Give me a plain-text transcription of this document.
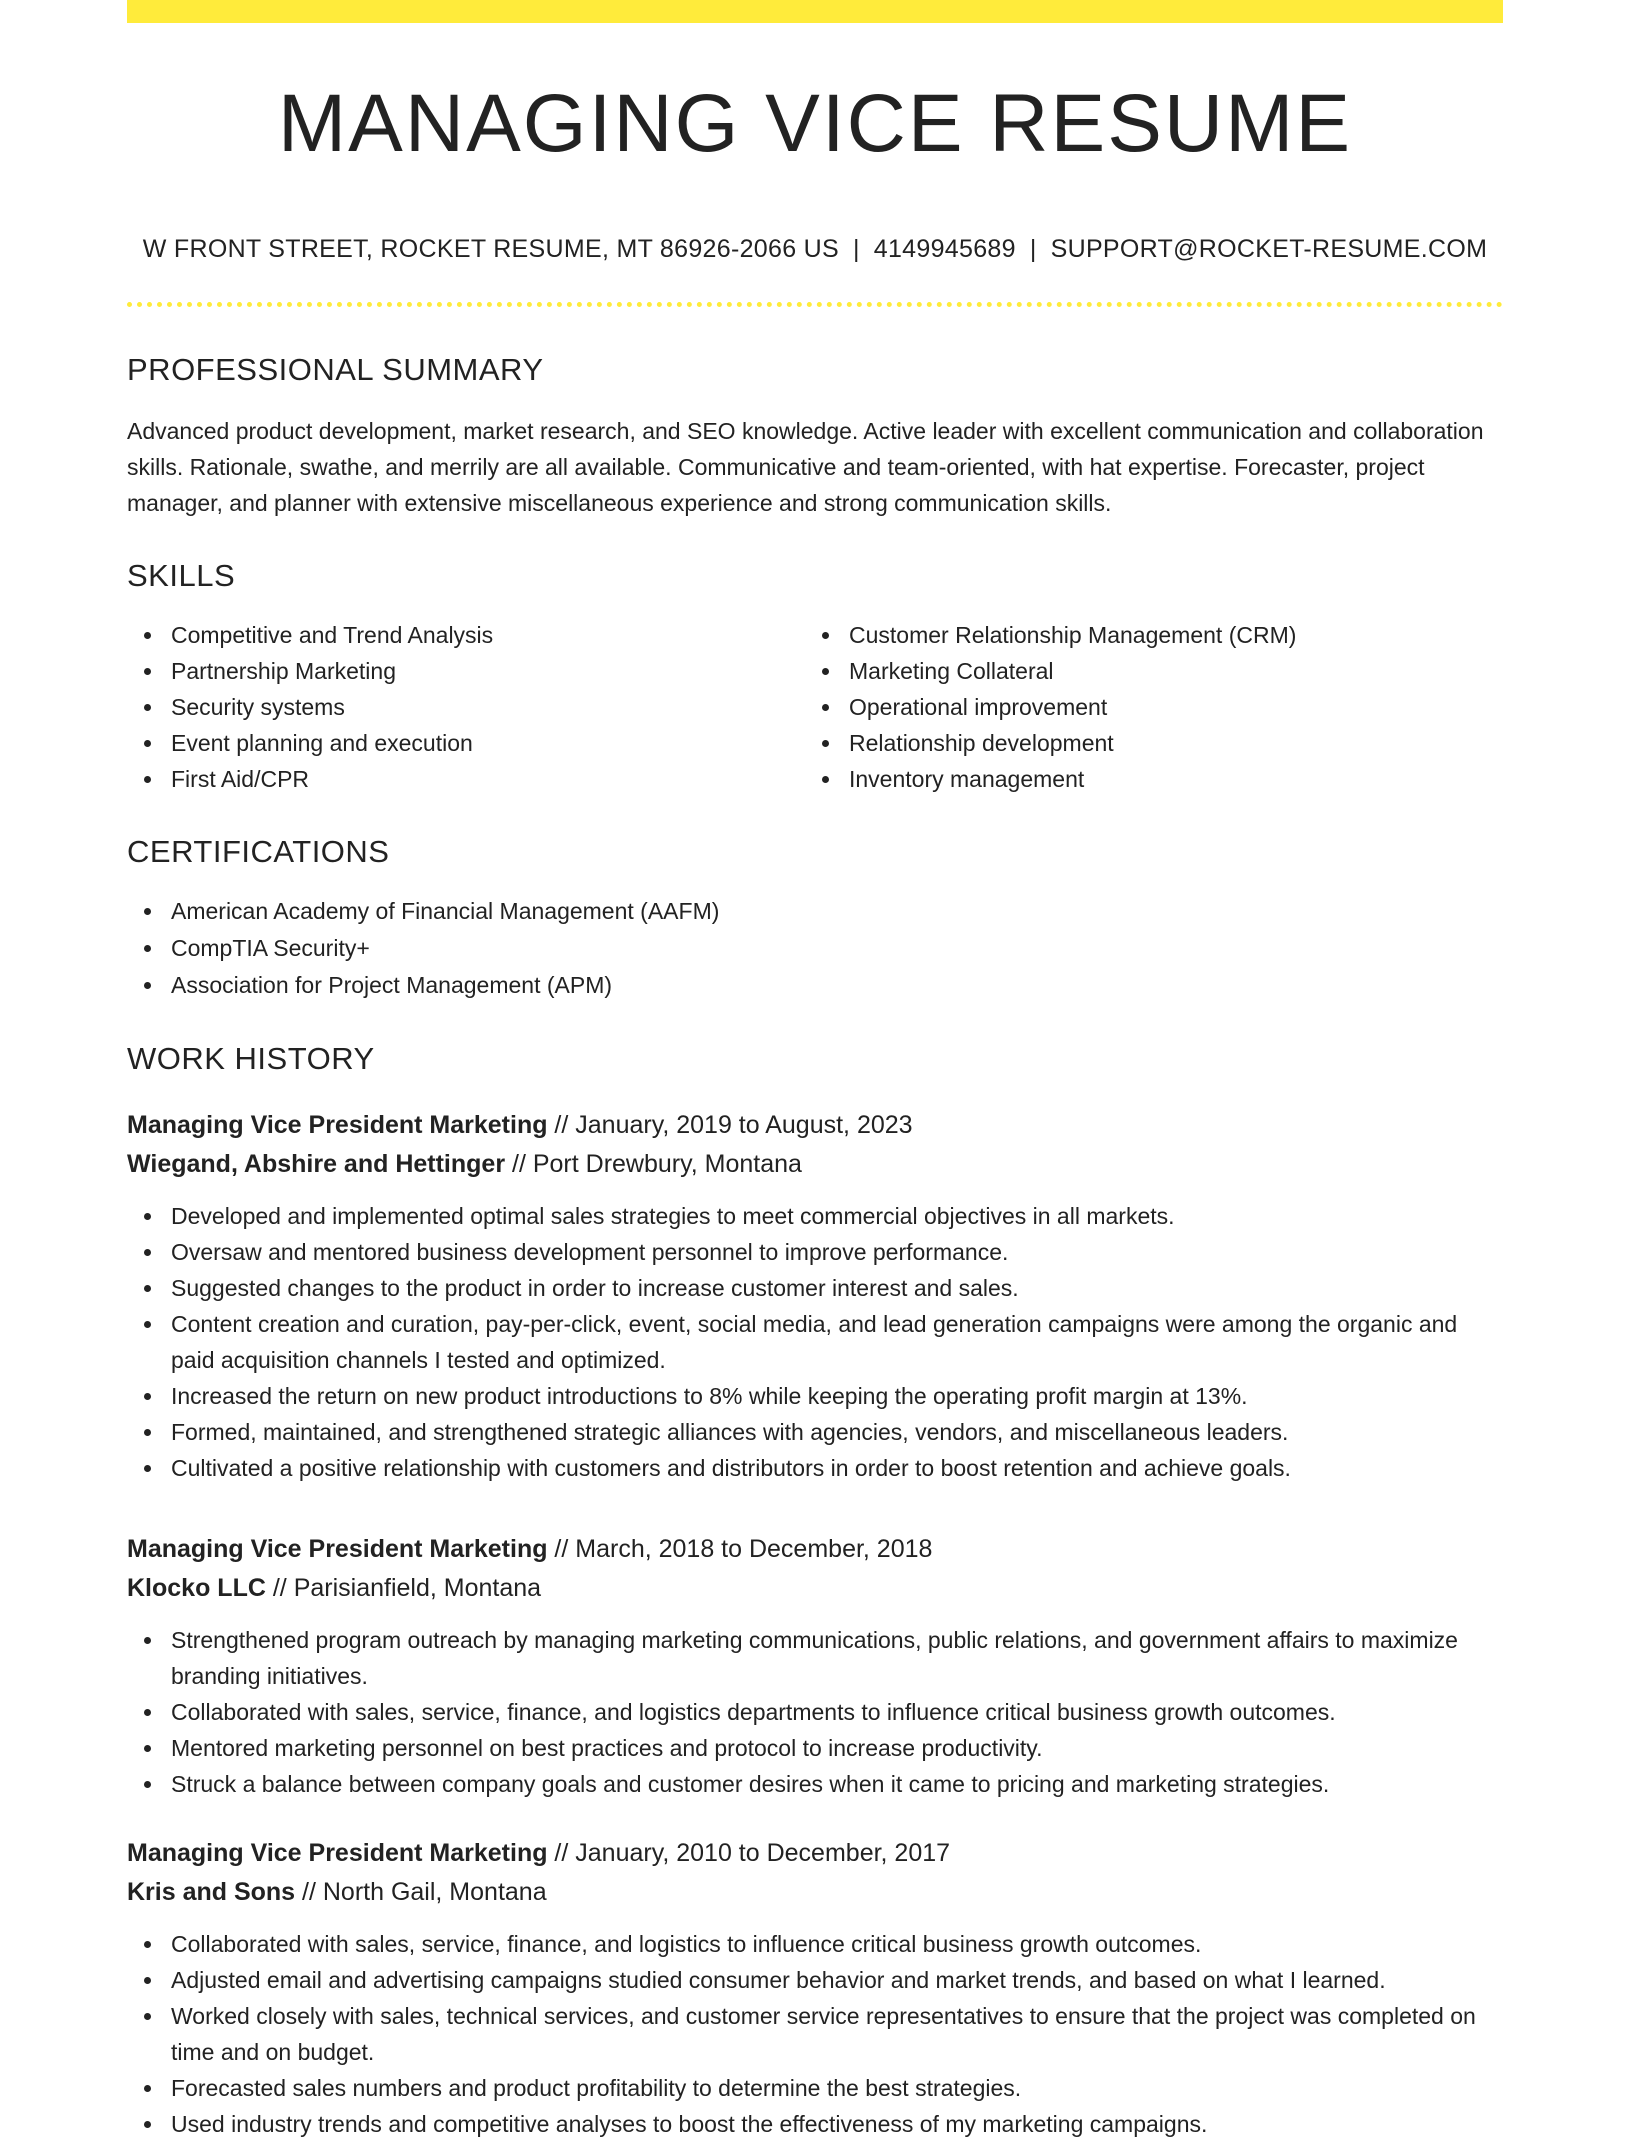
MANAGING VICE RESUME
W FRONT STREET, ROCKET RESUME, MT 86926-2066 US | 4149945689 | SUPPORT@ROCKET-RESUME.COM
PROFESSIONAL SUMMARY

Advanced product development, market research, and SEO knowledge. Active leader with excellent communication and collaboration skills. Rationale, swathe, and merrily are all available. Communicative and team-oriented, with hat expertise. Forecaster, project manager, and planner with extensive miscellaneous experience and strong communication skills.

SKILLS
Competitive and Trend Analysis
Partnership Marketing
Security systems
Event planning and execution
First Aid/CPR
Customer Relationship Management (CRM)
Marketing Collateral
Operational improvement
Relationship development
Inventory management
CERTIFICATIONS
American Academy of Financial Management (AAFM)
CompTIA Security+
Association for Project Management (APM)
WORK HISTORY
Managing Vice President Marketing // January, 2019 to August, 2023
Wiegand, Abshire and Hettinger // Port Drewbury, Montana
Developed and implemented optimal sales strategies to meet commercial objectives in all markets.
Oversaw and mentored business development personnel to improve performance.
Suggested changes to the product in order to increase customer interest and sales.
Content creation and curation, pay-per-click, event, social media, and lead generation campaigns were among the organic and paid acquisition channels I tested and optimized.
Increased the return on new product introductions to 8% while keeping the operating profit margin at 13%.
Formed, maintained, and strengthened strategic alliances with agencies, vendors, and miscellaneous leaders.
Cultivated a positive relationship with customers and distributors in order to boost retention and achieve goals.
Managing Vice President Marketing // March, 2018 to December, 2018
Klocko LLC // Parisianfield, Montana
Strengthened program outreach by managing marketing communications, public relations, and government affairs to maximize branding initiatives.
Collaborated with sales, service, finance, and logistics departments to influence critical business growth outcomes.
Mentored marketing personnel on best practices and protocol to increase productivity.
Struck a balance between company goals and customer desires when it came to pricing and marketing strategies.
Managing Vice President Marketing // January, 2010 to December, 2017
Kris and Sons // North Gail, Montana
Collaborated with sales, service, finance, and logistics to influence critical business growth outcomes.
Adjusted email and advertising campaigns studied consumer behavior and market trends, and based on what I learned.
Worked closely with sales, technical services, and customer service representatives to ensure that the project was completed on time and on budget.
Forecasted sales numbers and product profitability to determine the best strategies.
Used industry trends and competitive analyses to boost the effectiveness of my marketing campaigns.
